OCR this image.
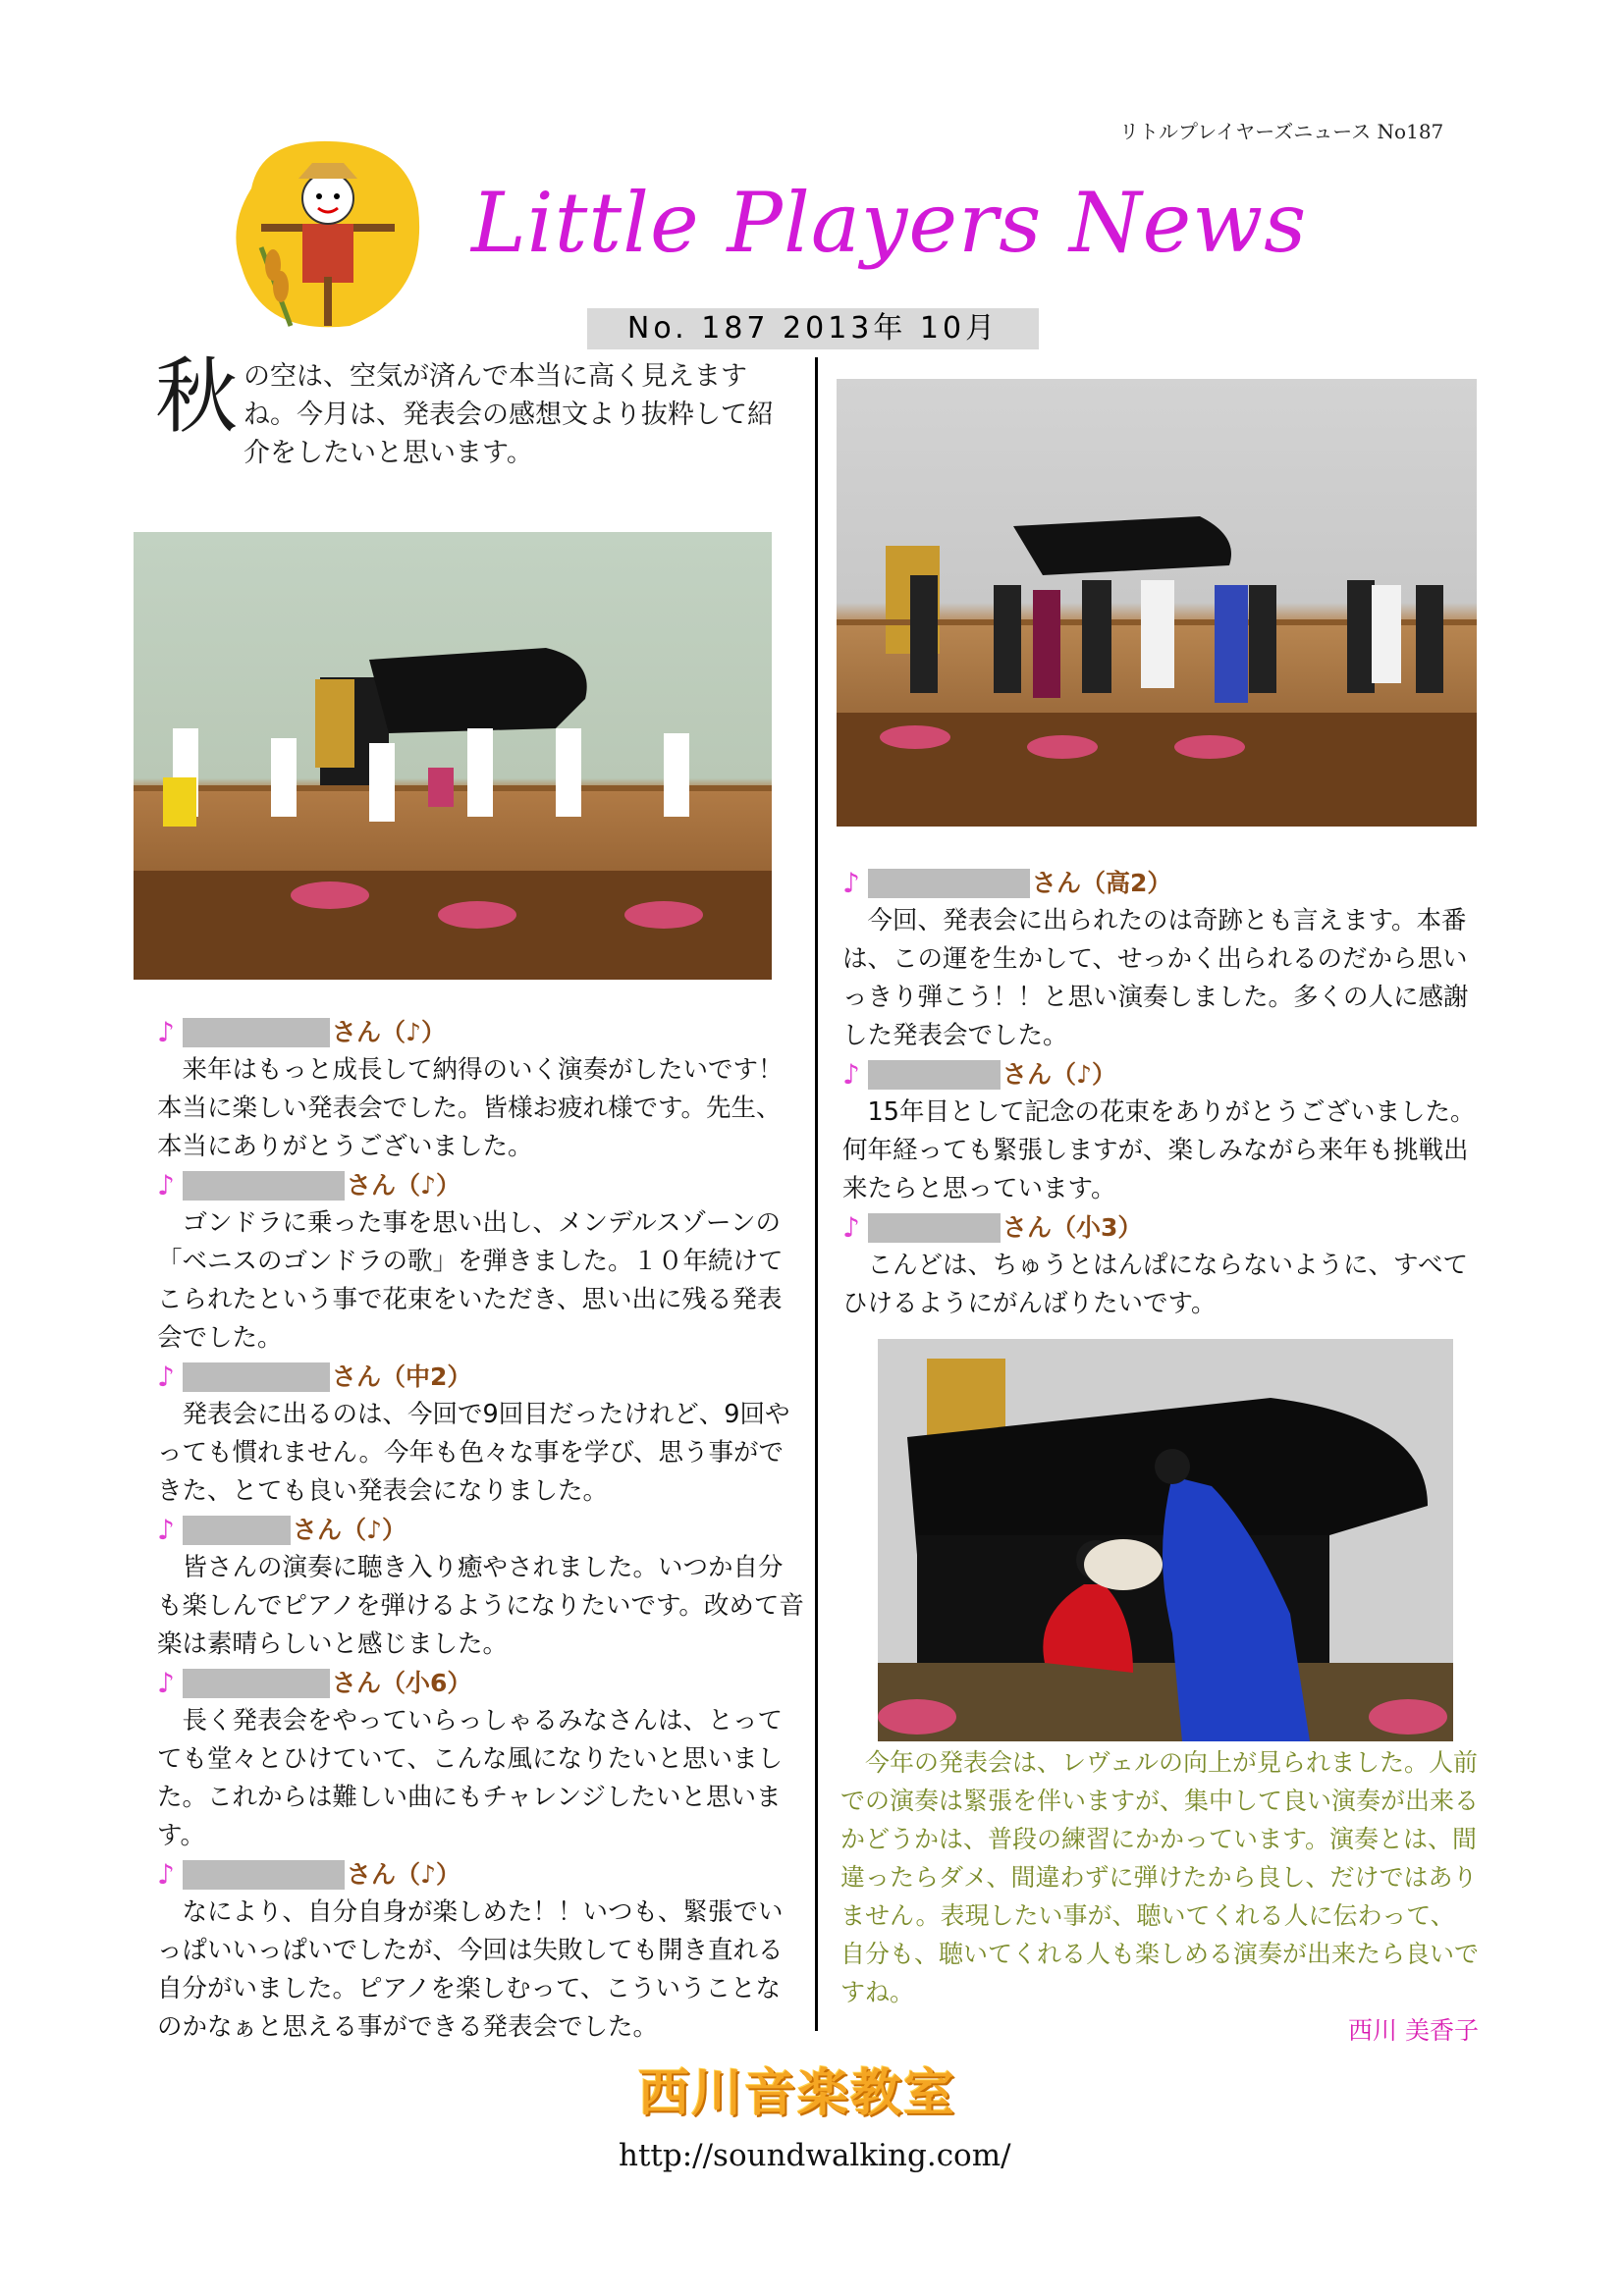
リトルプレイヤーズニュース No187
Little Players News
No. 187 2013年 10月
秋の空は、空気が済んで本当に高く見えますね。今月は、発表会の感想文より抜粋して紹介をしたいと思います。
♪	さん（♪）

来年はもっと成長して納得のいく演奏がしたいです！本当に楽しい発表会でした。皆様お疲れ様です。先生、本当にありがとうございました。

♪	さん（♪）

ゴンドラに乗った事を思い出し、メンデルスゾーンの「ベニスのゴンドラの歌」を弾きました。１０年続けてこられたという事で花束をいただき、思い出に残る発表会でした。

♪	さん（中2）

発表会に出るのは、今回で9回目だったけれど、9回やっても慣れません。今年も色々な事を学び、思う事ができた、とても良い発表会になりました。

♪	さん（♪）

皆さんの演奏に聴き入り癒やされました。いつか自分も楽しんでピアノを弾けるようになりたいです。改めて音楽は素晴らしいと感じました。

♪	さん（小6）

長く発表会をやっていらっしゃるみなさんは、とってても堂々とひけていて、こんな風になりたいと思いました。これからは難しい曲にもチャレンジしたいと思います。

♪	さん（♪）

なにより、自分自身が楽しめた！！いつも、緊張でいっぱいいっぱいでしたが、今回は失敗しても開き直れる自分がいました。ピアノを楽しむって、こういうことなのかなぁと思える事ができる発表会でした。

♪	さん（高2）

今回、発表会に出られたのは奇跡とも言えます。本番は、この運を生かして、せっかく出られるのだから思いっきり弾こう！！と思い演奏しました。多くの人に感謝した発表会でした。

♪	さん（♪）

15年目として記念の花束をありがとうございました。何年経っても緊張しますが、楽しみながら来年も挑戦出来たらと思っています。

♪	さん（小3）

こんどは、ちゅうとはんぱにならないように、すべてひけるようにがんばりたいです。

今年の発表会は、レヴェルの向上が見られました。人前での演奏は緊張を伴いますが、集中して良い演奏が出来るかどうかは、普段の練習にかかっています。演奏とは、間違ったらダメ、間違わずに弾けたから良し、だけではありません。表現したい事が、聴いてくれる人に伝わって、自分も、聴いてくれる人も楽しめる演奏が出来たら良いですね。

西川 美香子
西川音楽教室
http://soundwalking.com/
